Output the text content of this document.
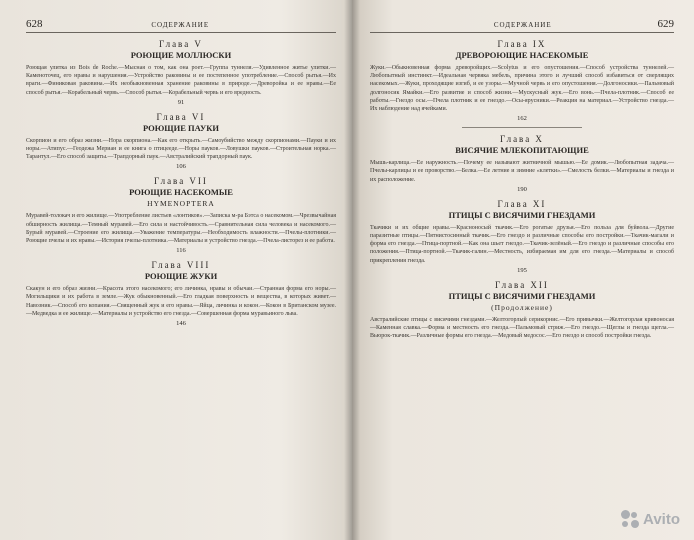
628	СОДЕРЖАНИЕ
Глава V
РОЮЩИЕ МОЛЛЮСКИ
Роющая улитка из Bois de Roche.—Мысная о том, как она роет.—Группа туннеля.—Удивленное житье улитки.—Каменоточец, его нравы и нарушения.—Устройство раковины и ее постепенное употребление.—Способ рытья.—Их враги.—Финиковая раковина.—Их необыкновенная хранение раковины в природе.—Древоройка и ее нравы.—Ее способ рытья.—Корабельный червь.—Способ рытья.—Корабельный червь и его вредность.
91
Глава VI
РОЮЩИЕ ПАУКИ
Скорпион и его образ жизни.—Нора скорпиона.—Как его открыть.—Самоубийство между скорпионами.—Пауки и их норы.—Атипус.—Геодежа Мериан и ее книга о птицееде.—Норы пауков.—Ловушки пауков.—Строительная норка.—Тарантул.—Его способ защиты.—Трапдорный паук.—Австралийский трапдорный паук.
106
Глава VII
РОЮЩИЕ НАСЕКОМЫЕ
HYMENOPTERA
Муравей-толокач и его жилище.—Употребление листьев «лонтиков».—Записка м-ра Бэтса о насекомом.—Чрезвычайная обширность жилища.—Темный муравей.—Его сила и настойчивость.—Сравнительная сила человека и насекомого.—Бурый муравей.—Строение его жилища.—Уважение температуры.—Необходимость влажности.—Пчелы-плотники.—Роющие пчелы и их нравы.—История пчелы-плотника.—Материалы и устройство гнезда.—Пчела-листорез и ее работа.
116
Глава VIII
РОЮЩИЕ ЖУКИ
Скакун и его образ жизни.—Красота этого насекомого; его личинка, нравы и обычаи.—Странная форма его норы.—Могильщики и их работа в земле.—Жук обыкновенный.—Его гладкая поверхность и вещества, в которых живет.—Навозник.—Способ его копания.—Священный жук и его нравы.—Яйца, личинка и кокон.—Кокон в Британском музее.—Медведка и ее жилище.—Материалы и устройство его гнезда.—Совершенная форма муравьиного льва.
146
СОДЕРЖАНИЕ	629
Глава IX
ДРЕВОРОЮЩИЕ НАСЕКОМЫЕ
Жуки.—Обыкновенная форма древоройщих.—Scolytus и его опустошения.—Способ устройства туннелей.—Любопытный инстинкт.—Идеальная червяка мебель, причина этого и лучший способ избавиться от сверлящих насекомых.—Жуки, проходящие изгиб, и ее узоры.—Мучной червь и его опустошения.—Долгоносики.—Пальмовый долгоносик Ямайки.—Его развитие и способ жизни.—Мускусный жук.—Его вонь.—Пчела-плотник.—Способ ее работы.—Гнездо осы.—Пчела плотник и ее гнездо.—Осы-ярусники.—Реакция на материал.—Устройство гнезда.—Их наблюдение над ячейками.
162
Глава X
ВИСЯЧИЕ МЛЕКОПИТАЮЩИЕ
Мышь-карлица.—Ее наружность.—Почему ее называют житничной мышью.—Ее домик.—Любопытная задача.—Пчелы-карлицы и ее проворство.—Белка.—Ее летние и зимние «клетки».—Смелость белки.—Материалы и гнезда и их расположение.
190
Глава XI
ПТИЦЫ С ВИСЯЧИМИ ГНЕЗДАМИ
Ткачики и их общие нравы.—Красноносый ткачик.—Его рогатые друзья.—Его польза для буйвола.—Другие паразитные птицы.—Пятнистосинный ткачик.—Его гнездо и различные способы его постройки.—Ткачик-магали и форма его гнезда.—Птица-портной.—Как она шьет гнездо.—Ткачик-зелёный.—Его гнездо и различные способы его положения.—Птица-портной.—Ткачик-галин.—Местность, избираемая им для его гнезда.—Материалы и способ прикрепления гнезда.
195
Глава XII
ПТИЦЫ С ВИСЯЧИМИ ГНЕЗДАМИ
(Продолжение)
Австралийские птицы с висячими гнездами.—Желтогорлый серикорнис.—Его привычки.—Желтогорлая кривоносая—Каменная славка.—Форма и местность его гнезда.—Пальмовый стриж.—Его гнездо.—Щеглы и гнезда щегла.—Вьюрок-ткачик.—Различные формы его гнезда.—Медовый медосос.—Его гнездо и способ постройки гнезда.
Avito
